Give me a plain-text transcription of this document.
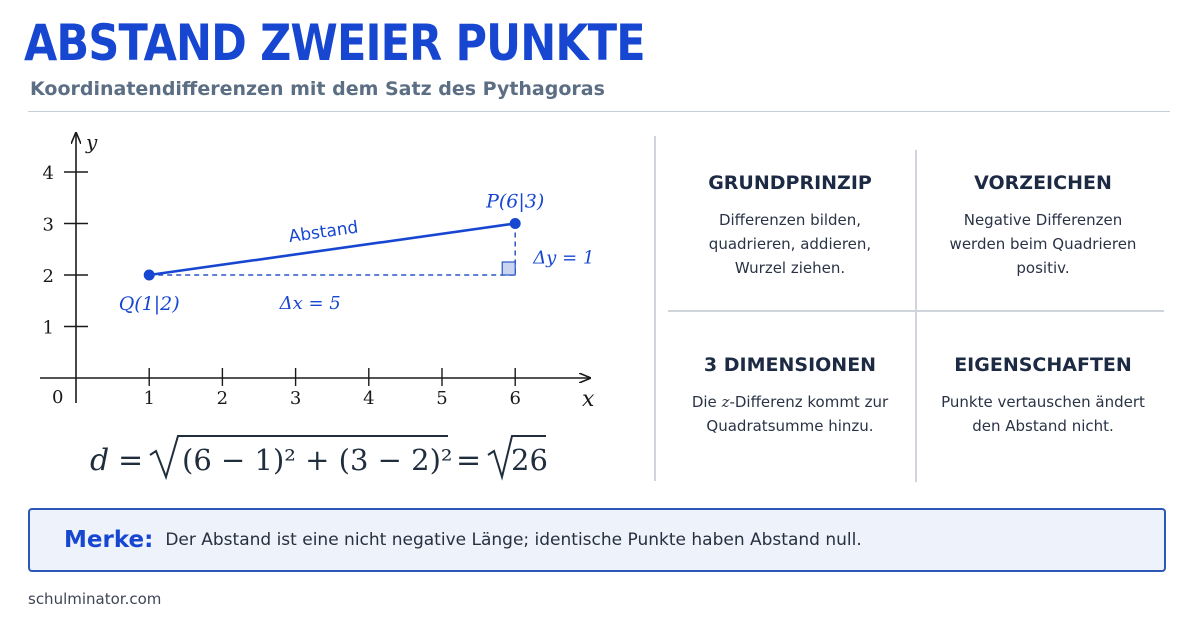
ABSTAND ZWEIER PUNKTE
Koordinatendifferenzen mit dem Satz des Pythagoras
y
x
0	1	2	3	4	5	6
1
2
3
4
Q(1|2)
P(6|3)
Abstand
Δx = 5
Δy = 1
d = (6 − 1)² + (3 − 2)² = 26
GRUNDPRINZIP

Differenzen bilden, quadrieren, addieren, Wurzel ziehen.

VORZEICHEN

Negative Differenzen werden beim Quadrieren positiv.

3 DIMENSIONEN

Die z-Differenz kommt zur Quadratsumme hinzu.

EIGENSCHAFTEN

Punkte vertauschen ändert den Abstand nicht.

Merke: Der Abstand ist eine nicht negative Länge; identische Punkte haben Abstand null.
schulminator.com
